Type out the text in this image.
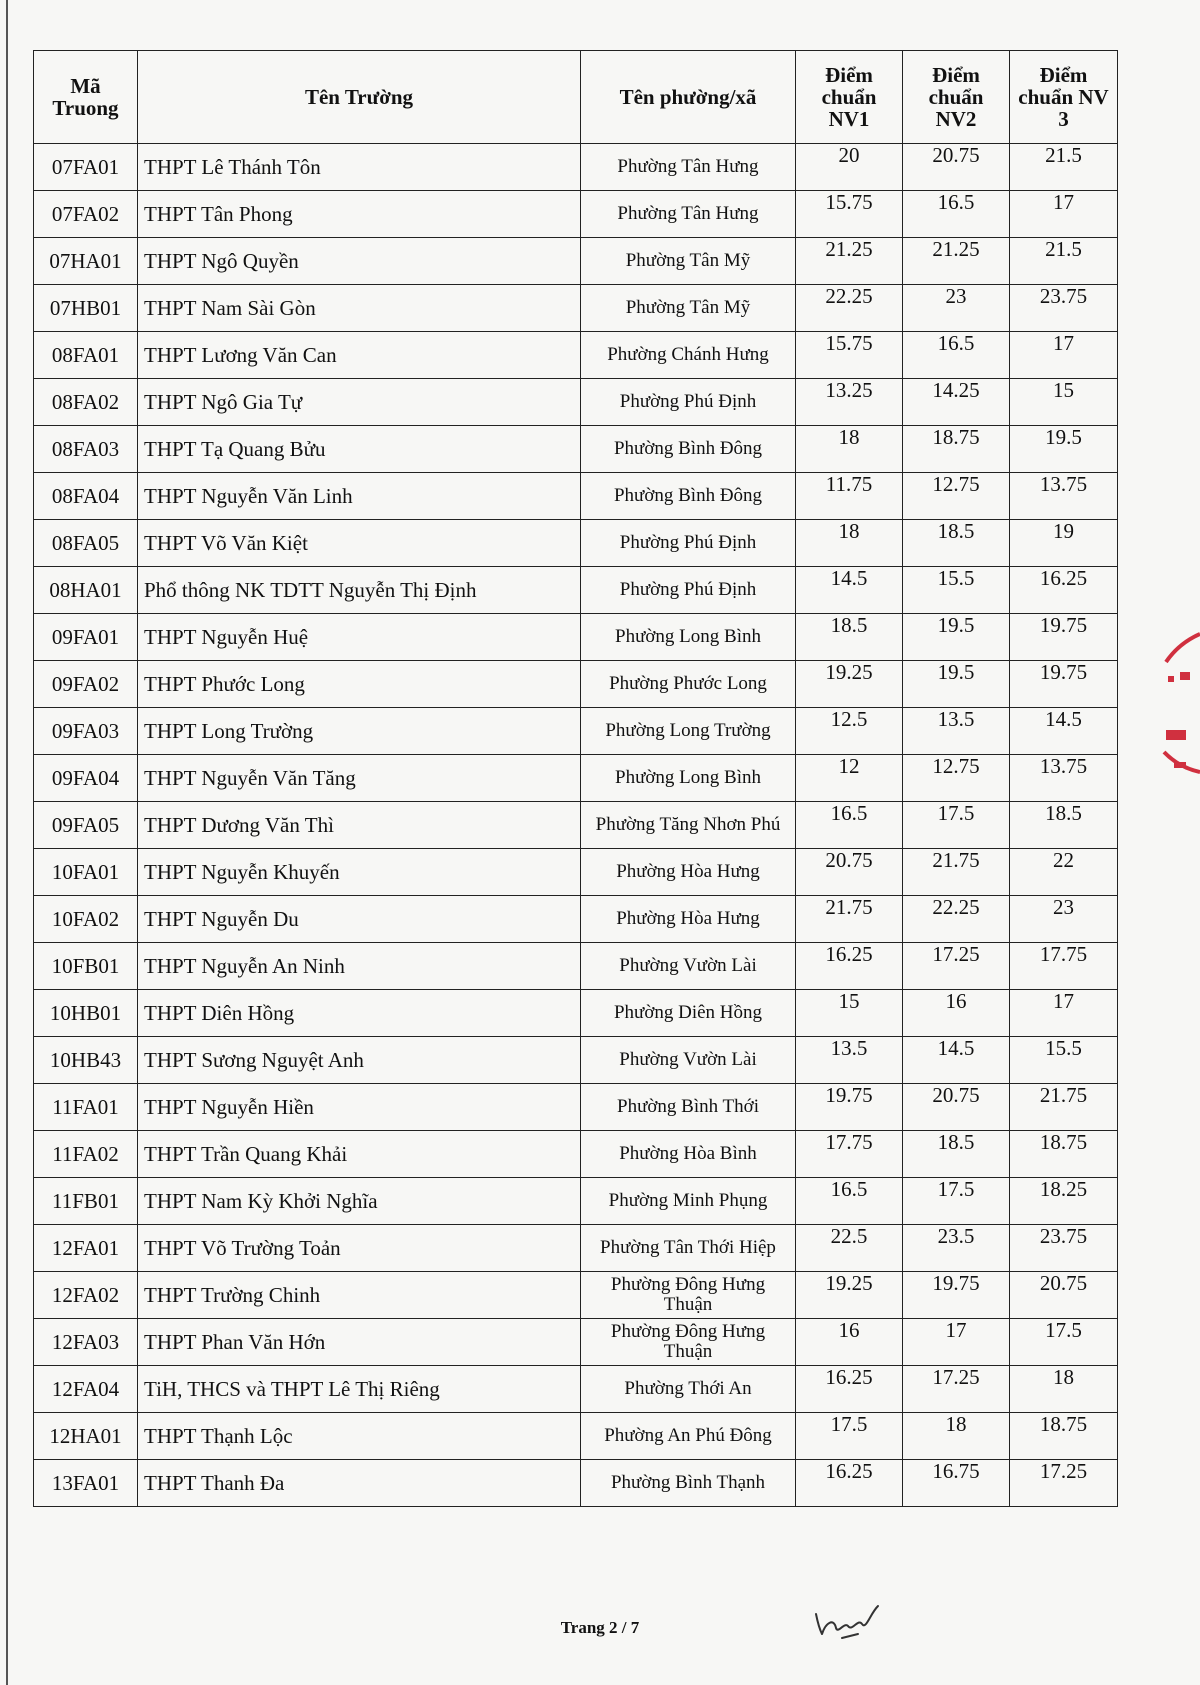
Mã Truong	Tên Trường	Tên phường/xã	Điểm chuẩn NV1	Điểm chuẩn NV2	Điểm chuẩn NV 3
07FA01	THPT Lê Thánh Tôn	Phường Tân Hưng	20	20.75	21.5
07FA02	THPT Tân Phong	Phường Tân Hưng	15.75	16.5	17
07HA01	THPT Ngô Quyền	Phường Tân Mỹ	21.25	21.25	21.5
07HB01	THPT Nam Sài Gòn	Phường Tân Mỹ	22.25	23	23.75
08FA01	THPT Lương Văn Can	Phường Chánh Hưng	15.75	16.5	17
08FA02	THPT Ngô Gia Tự	Phường Phú Định	13.25	14.25	15
08FA03	THPT Tạ Quang Bửu	Phường Bình Đông	18	18.75	19.5
08FA04	THPT Nguyễn Văn Linh	Phường Bình Đông	11.75	12.75	13.75
08FA05	THPT Võ Văn Kiệt	Phường Phú Định	18	18.5	19
08HA01	Phổ thông NK TDTT Nguyễn Thị Định	Phường Phú Định	14.5	15.5	16.25
09FA01	THPT Nguyễn Huệ	Phường Long Bình	18.5	19.5	19.75
09FA02	THPT Phước Long	Phường Phước Long	19.25	19.5	19.75
09FA03	THPT Long Trường	Phường Long Trường	12.5	13.5	14.5
09FA04	THPT Nguyễn Văn Tăng	Phường Long Bình	12	12.75	13.75
09FA05	THPT Dương Văn Thì	Phường Tăng Nhơn Phú	16.5	17.5	18.5
10FA01	THPT Nguyễn Khuyến	Phường Hòa Hưng	20.75	21.75	22
10FA02	THPT Nguyễn Du	Phường Hòa Hưng	21.75	22.25	23
10FB01	THPT Nguyễn An Ninh	Phường Vườn Lài	16.25	17.25	17.75
10HB01	THPT Diên Hồng	Phường Diên Hồng	15	16	17
10HB43	THPT Sương Nguyệt Anh	Phường Vườn Lài	13.5	14.5	15.5
11FA01	THPT Nguyễn Hiền	Phường Bình Thới	19.75	20.75	21.75
11FA02	THPT Trần Quang Khải	Phường Hòa Bình	17.75	18.5	18.75
11FB01	THPT Nam Kỳ Khởi Nghĩa	Phường Minh Phụng	16.5	17.5	18.25
12FA01	THPT Võ Trường Toản	Phường Tân Thới Hiệp	22.5	23.5	23.75
12FA02	THPT Trường Chinh	Phường Đông Hưng Thuận	19.25	19.75	20.75
12FA03	THPT Phan Văn Hớn	Phường Đông Hưng Thuận	16	17	17.5
12FA04	TiH, THCS và THPT Lê Thị Riêng	Phường Thới An	16.25	17.25	18
12HA01	THPT Thạnh Lộc	Phường An Phú Đông	17.5	18	18.75
13FA01	THPT Thanh Đa	Phường Bình Thạnh	16.25	16.75	17.25
Trang 2 / 7
